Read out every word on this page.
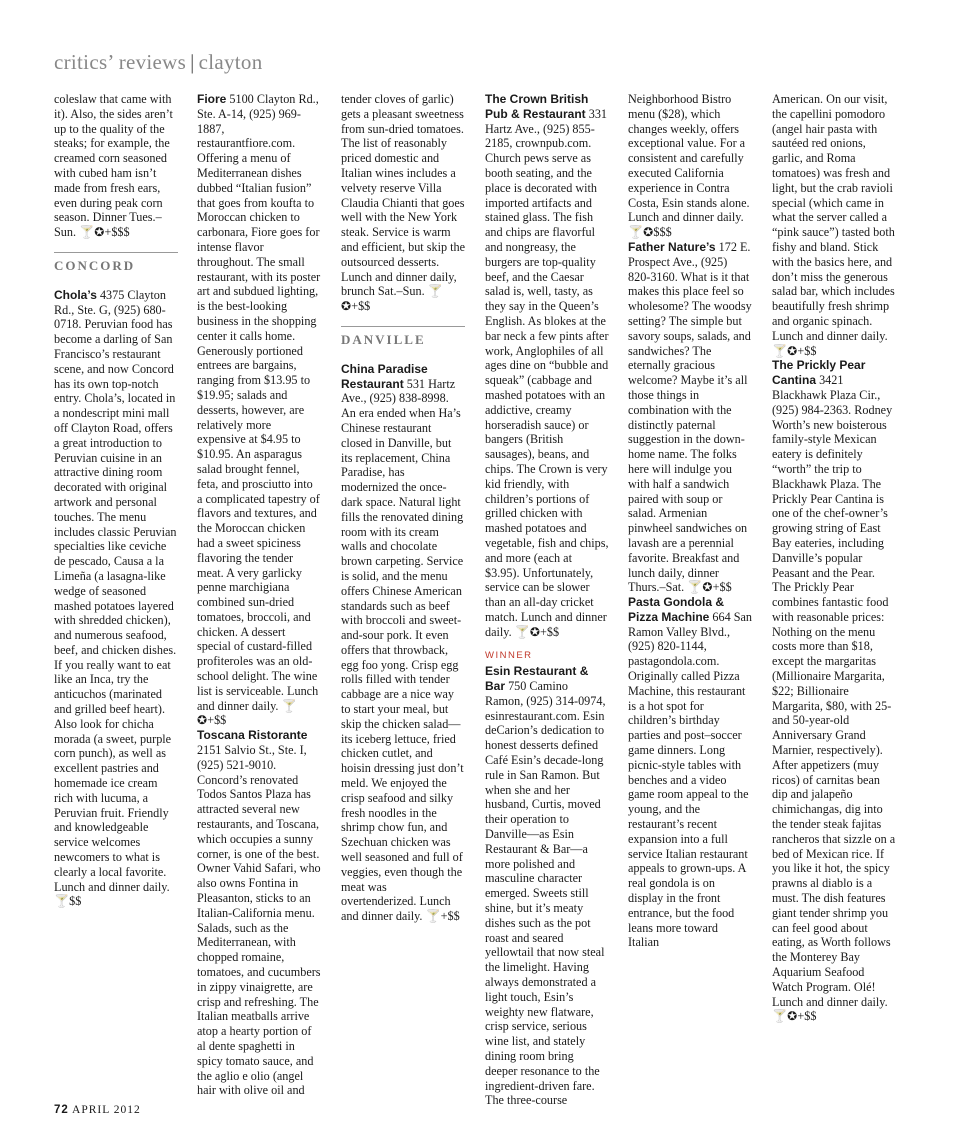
critics’ reviews | clayton

coleslaw that came with it). Also, the sides aren’t up to the quality of the steaks; for example, the creamed corn seasoned with cubed ham isn’t made from fresh ears, even during peak corn season. Dinner Tues.–Sun. 🍸✪+$$$

CONCORD

Chola’s 4375 Clayton Rd., Ste. G, (925) 680-0718. Peruvian food has become a darling of San Francisco’s restaurant scene, and now Concord has its own top-notch entry. Chola’s, located in a nondescript mini mall off Clayton Road, offers a great introduction to Peruvian cuisine in an attractive dining room decorated with original artwork and personal touches. The menu includes classic Peruvian specialties like ceviche de pescado, Causa a la Limeña (a lasagna-like wedge of seasoned mashed potatoes layered with shredded chicken), and numerous seafood, beef, and chicken dishes. If you really want to eat like an Inca, try the anticuchos (marinated and grilled beef heart). Also look for chicha morada (a sweet, purple corn punch), as well as excellent pastries and homemade ice cream rich with lucuma, a Peruvian fruit. Friendly and knowledgeable service welcomes newcomers to what is clearly a local favorite. Lunch and dinner daily. 🍸$$

Fiore 5100 Clayton Rd., Ste. A-14, (925) 969-1887, restaurantfiore.com. Offering a menu of Mediterranean dishes dubbed “Italian fusion” that goes from koufta to Moroccan chicken to carbonara, Fiore goes for intense flavor throughout. The small restaurant, with its poster art and subdued lighting, is the best-looking business in the shopping center it calls home. Generously portioned entrees are bargains, ranging from $13.95 to $19.95; salads and desserts, however, are relatively more expensive at $4.95 to $10.95. An asparagus salad brought fennel, feta, and prosciutto into a complicated tapestry of flavors and textures, and the Moroccan chicken had a sweet spiciness flavoring the tender meat. A very garlicky penne marchigiana combined sun-dried tomatoes, broccoli, and chicken. A dessert special of custard-filled profiteroles was an old-school delight. The wine list is serviceable. Lunch and dinner daily. 🍸✪+$$

Toscana Ristorante 2151 Salvio St., Ste. I, (925) 521-9010. Concord’s renovated Todos Santos Plaza has attracted several new restaurants, and Toscana, which occupies a sunny corner, is one of the best. Owner Vahid Safari, who also owns Fontina in Pleasanton, sticks to an Italian-California menu. Salads, such as the Mediterranean, with chopped romaine, tomatoes, and cucumbers in zippy vinaigrette, are crisp and refreshing. The Italian meatballs arrive atop a hearty portion of al dente spaghetti in spicy tomato sauce, and the aglio e olio (angel hair with olive oil and

tender cloves of garlic) gets a pleasant sweetness from sun-dried tomatoes. The list of reasonably priced domestic and Italian wines includes a velvety reserve Villa Claudia Chianti that goes well with the New York steak. Service is warm and efficient, but skip the outsourced desserts. Lunch and dinner daily, brunch Sat.–Sun. 🍸✪+$$

DANVILLE

China Paradise Restaurant 531 Hartz Ave., (925) 838-8998. An era ended when Ha’s Chinese restaurant closed in Danville, but its replacement, China Paradise, has modernized the once-dark space. Natural light fills the renovated dining room with its cream walls and chocolate brown carpeting. Service is solid, and the menu offers Chinese American standards such as beef with broccoli and sweet-and-sour pork. It even offers that throwback, egg foo yong. Crisp egg rolls filled with tender cabbage are a nice way to start your meal, but skip the chicken salad—its iceberg lettuce, fried chicken cutlet, and hoisin dressing just don’t meld. We enjoyed the crisp seafood and silky fresh noodles in the shrimp chow fun, and Szechuan chicken was well seasoned and full of veggies, even though the meat was overtenderized. Lunch and dinner daily. 🍸+$$

The Crown British Pub & Restaurant 331 Hartz Ave., (925) 855-2185, crownpub.com. Church pews serve as booth seating, and the place is decorated with imported artifacts and stained glass. The fish and chips are flavorful and nongreasy, the burgers are top-quality beef, and the Caesar salad is, well, tasty, as they say in the Queen’s English. As blokes at the bar neck a few pints after work, Anglophiles of all ages dine on “bubble and squeak” (cabbage and mashed potatoes with an addictive, creamy horseradish sauce) or bangers (British sausages), beans, and chips. The Crown is very kid friendly, with children’s portions of grilled chicken with mashed potatoes and vegetable, fish and chips, and more (each at $3.95). Unfortunately, service can be slower than an all-day cricket match. Lunch and dinner daily. 🍸✪+$$

WINNER

Esin Restaurant & Bar 750 Camino Ramon, (925) 314-0974, esinrestaurant.com. Esin deCarion’s dedication to honest desserts defined Café Esin’s decade-long rule in San Ramon. But when she and her husband, Curtis, moved their operation to Danville—as Esin Restaurant & Bar—a more polished and masculine character emerged. Sweets still shine, but it’s meaty dishes such as the pot roast and seared yellowtail that now steal the limelight. Having always demonstrated a light touch, Esin’s weighty new flatware, crisp service, serious wine list, and stately dining room bring deeper resonance to the ingredient-driven fare. The three-course

Neighborhood Bistro menu ($28), which changes weekly, offers exceptional value. For a consistent and carefully executed California experience in Contra Costa, Esin stands alone. Lunch and dinner daily. 🍸✪$$$

Father Nature’s 172 E. Prospect Ave., (925) 820-3160. What is it that makes this place feel so wholesome? The woodsy setting? The simple but savory soups, salads, and sandwiches? The eternally gracious welcome? Maybe it’s all those things in combination with the distinctly paternal suggestion in the down-home name. The folks here will indulge you with half a sandwich paired with soup or salad. Armenian pinwheel sandwiches on lavash are a perennial favorite. Breakfast and lunch daily, dinner Thurs.–Sat. 🍸✪+$$

Pasta Gondola & Pizza Machine 664 San Ramon Valley Blvd., (925) 820-1144, pastagondola.com. Originally called Pizza Machine, this restaurant is a hot spot for children’s birthday parties and post–soccer game dinners. Long picnic-style tables with benches and a video game room appeal to the young, and the restaurant’s recent expansion into a full service Italian restaurant appeals to grown-ups. A real gondola is on display in the front entrance, but the food leans more toward Italian

American. On our visit, the capellini pomodoro (angel hair pasta with sautéed red onions, garlic, and Roma tomatoes) was fresh and light, but the crab ravioli special (which came in what the server called a “pink sauce”) tasted both fishy and bland. Stick with the basics here, and don’t miss the generous salad bar, which includes beautifully fresh shrimp and organic spinach. Lunch and dinner daily. 🍸✪+$$

The Prickly Pear Cantina 3421 Blackhawk Plaza Cir., (925) 984-2363. Rodney Worth’s new boisterous family-style Mexican eatery is definitely “worth” the trip to Blackhawk Plaza. The Prickly Pear Cantina is one of the chef-owner’s growing string of East Bay eateries, including Danville’s popular Peasant and the Pear. The Prickly Pear combines fantastic food with reasonable prices: Nothing on the menu costs more than $18, except the margaritas (Millionaire Margarita, $22; Billionaire Margarita, $80, with 25- and 50-year-old Anniversary Grand Marnier, respectively). After appetizers (muy ricos) of carnitas bean dip and jalapeño chimichangas, dig into the tender steak fajitas rancheros that sizzle on a bed of Mexican rice. If you like it hot, the spicy prawns al diablo is a must. The dish features giant tender shrimp you can feel good about eating, as Worth follows the Monterey Bay Aquarium Seafood Watch Program. Olé! Lunch and dinner daily. 🍸✪+$$

72 APRIL 2012
